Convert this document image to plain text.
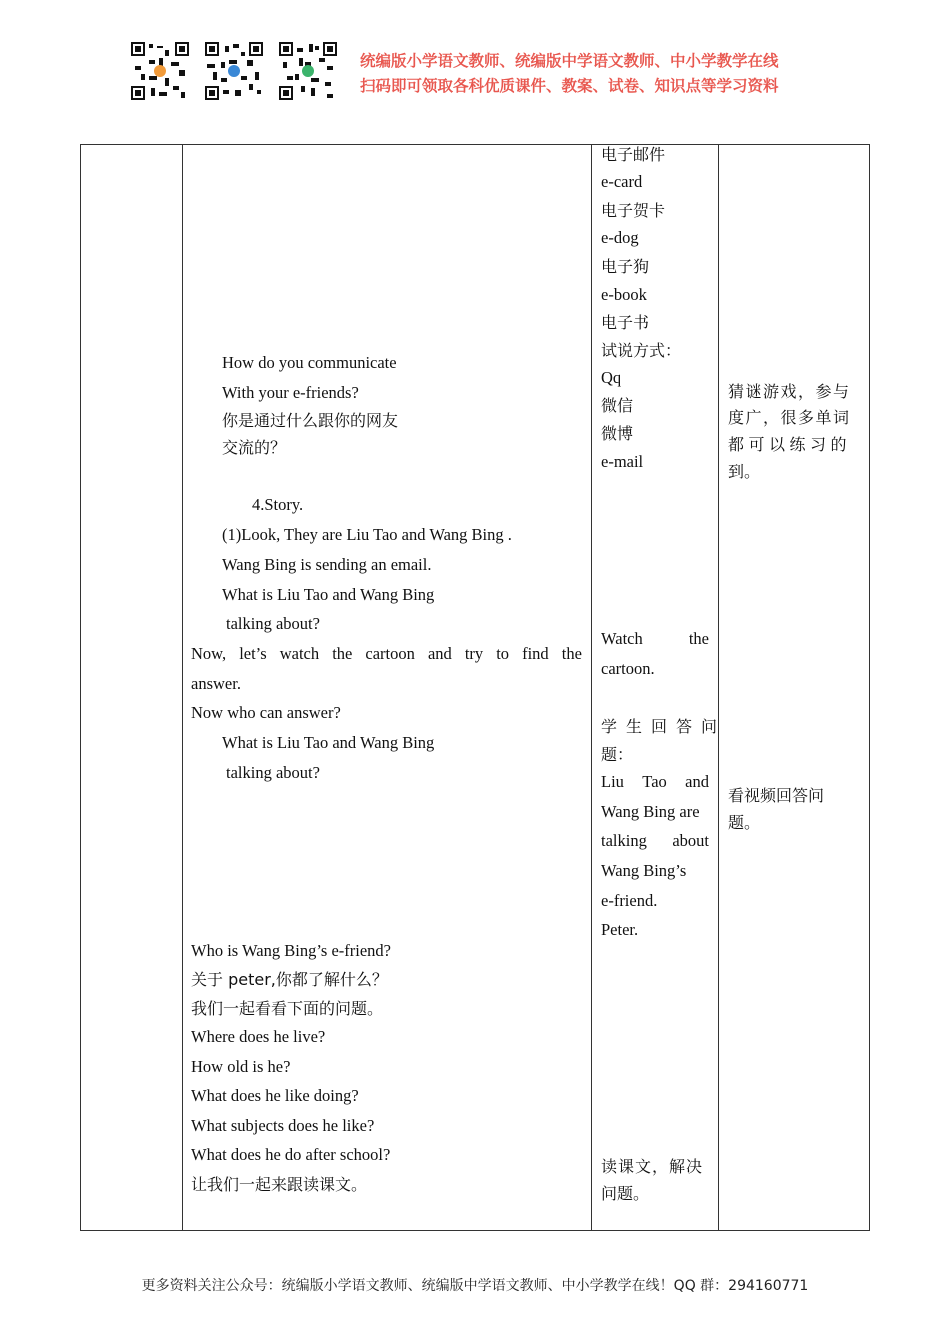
统编版小学语文教师、统编版中学语文教师、中小学教学在线
扫码即可领取各科优质课件、教案、试卷、知识点等学习资料
How do you communicate
With your e-friends?
你是通过什么跟你的网友
交流的？
4.Story.
(1)Look, They are Liu Tao and Wang Bing .
Wang Bing is sending an email.
What is Liu Tao and Wang Bing
talking about?
Now, let’s watch the cartoon and try to find the
answer.
Now who can answer?
What is Liu Tao and Wang Bing
talking about?
Who is Wang Bing’s e-friend?
关于 peter,你都了解什么？
我们一起看看下面的问题。
Where does he live?
How old is he?
What does he like doing?
What subjects does he like?
What does he do after school?
让我们一起来跟读课文。
电子邮件
e-card
电子贺卡
e-dog
电子狗
e-book
电子书
试说方式：
Qq
微信
微博
e-mail
Watch	the
cartoon.
学生回答问
题：
Liu Tao and
Wang Bing are
talking about
Wang Bing’s
e-friend.
Peter.
读课文，解决
问题。
猜谜游戏，参与
度广，很多单词
都可以练习的
到。
看视频回答问
题。
更多资料关注公众号：统编版小学语文教师、统编版中学语文教师、中小学教学在线！QQ 群：294160771
